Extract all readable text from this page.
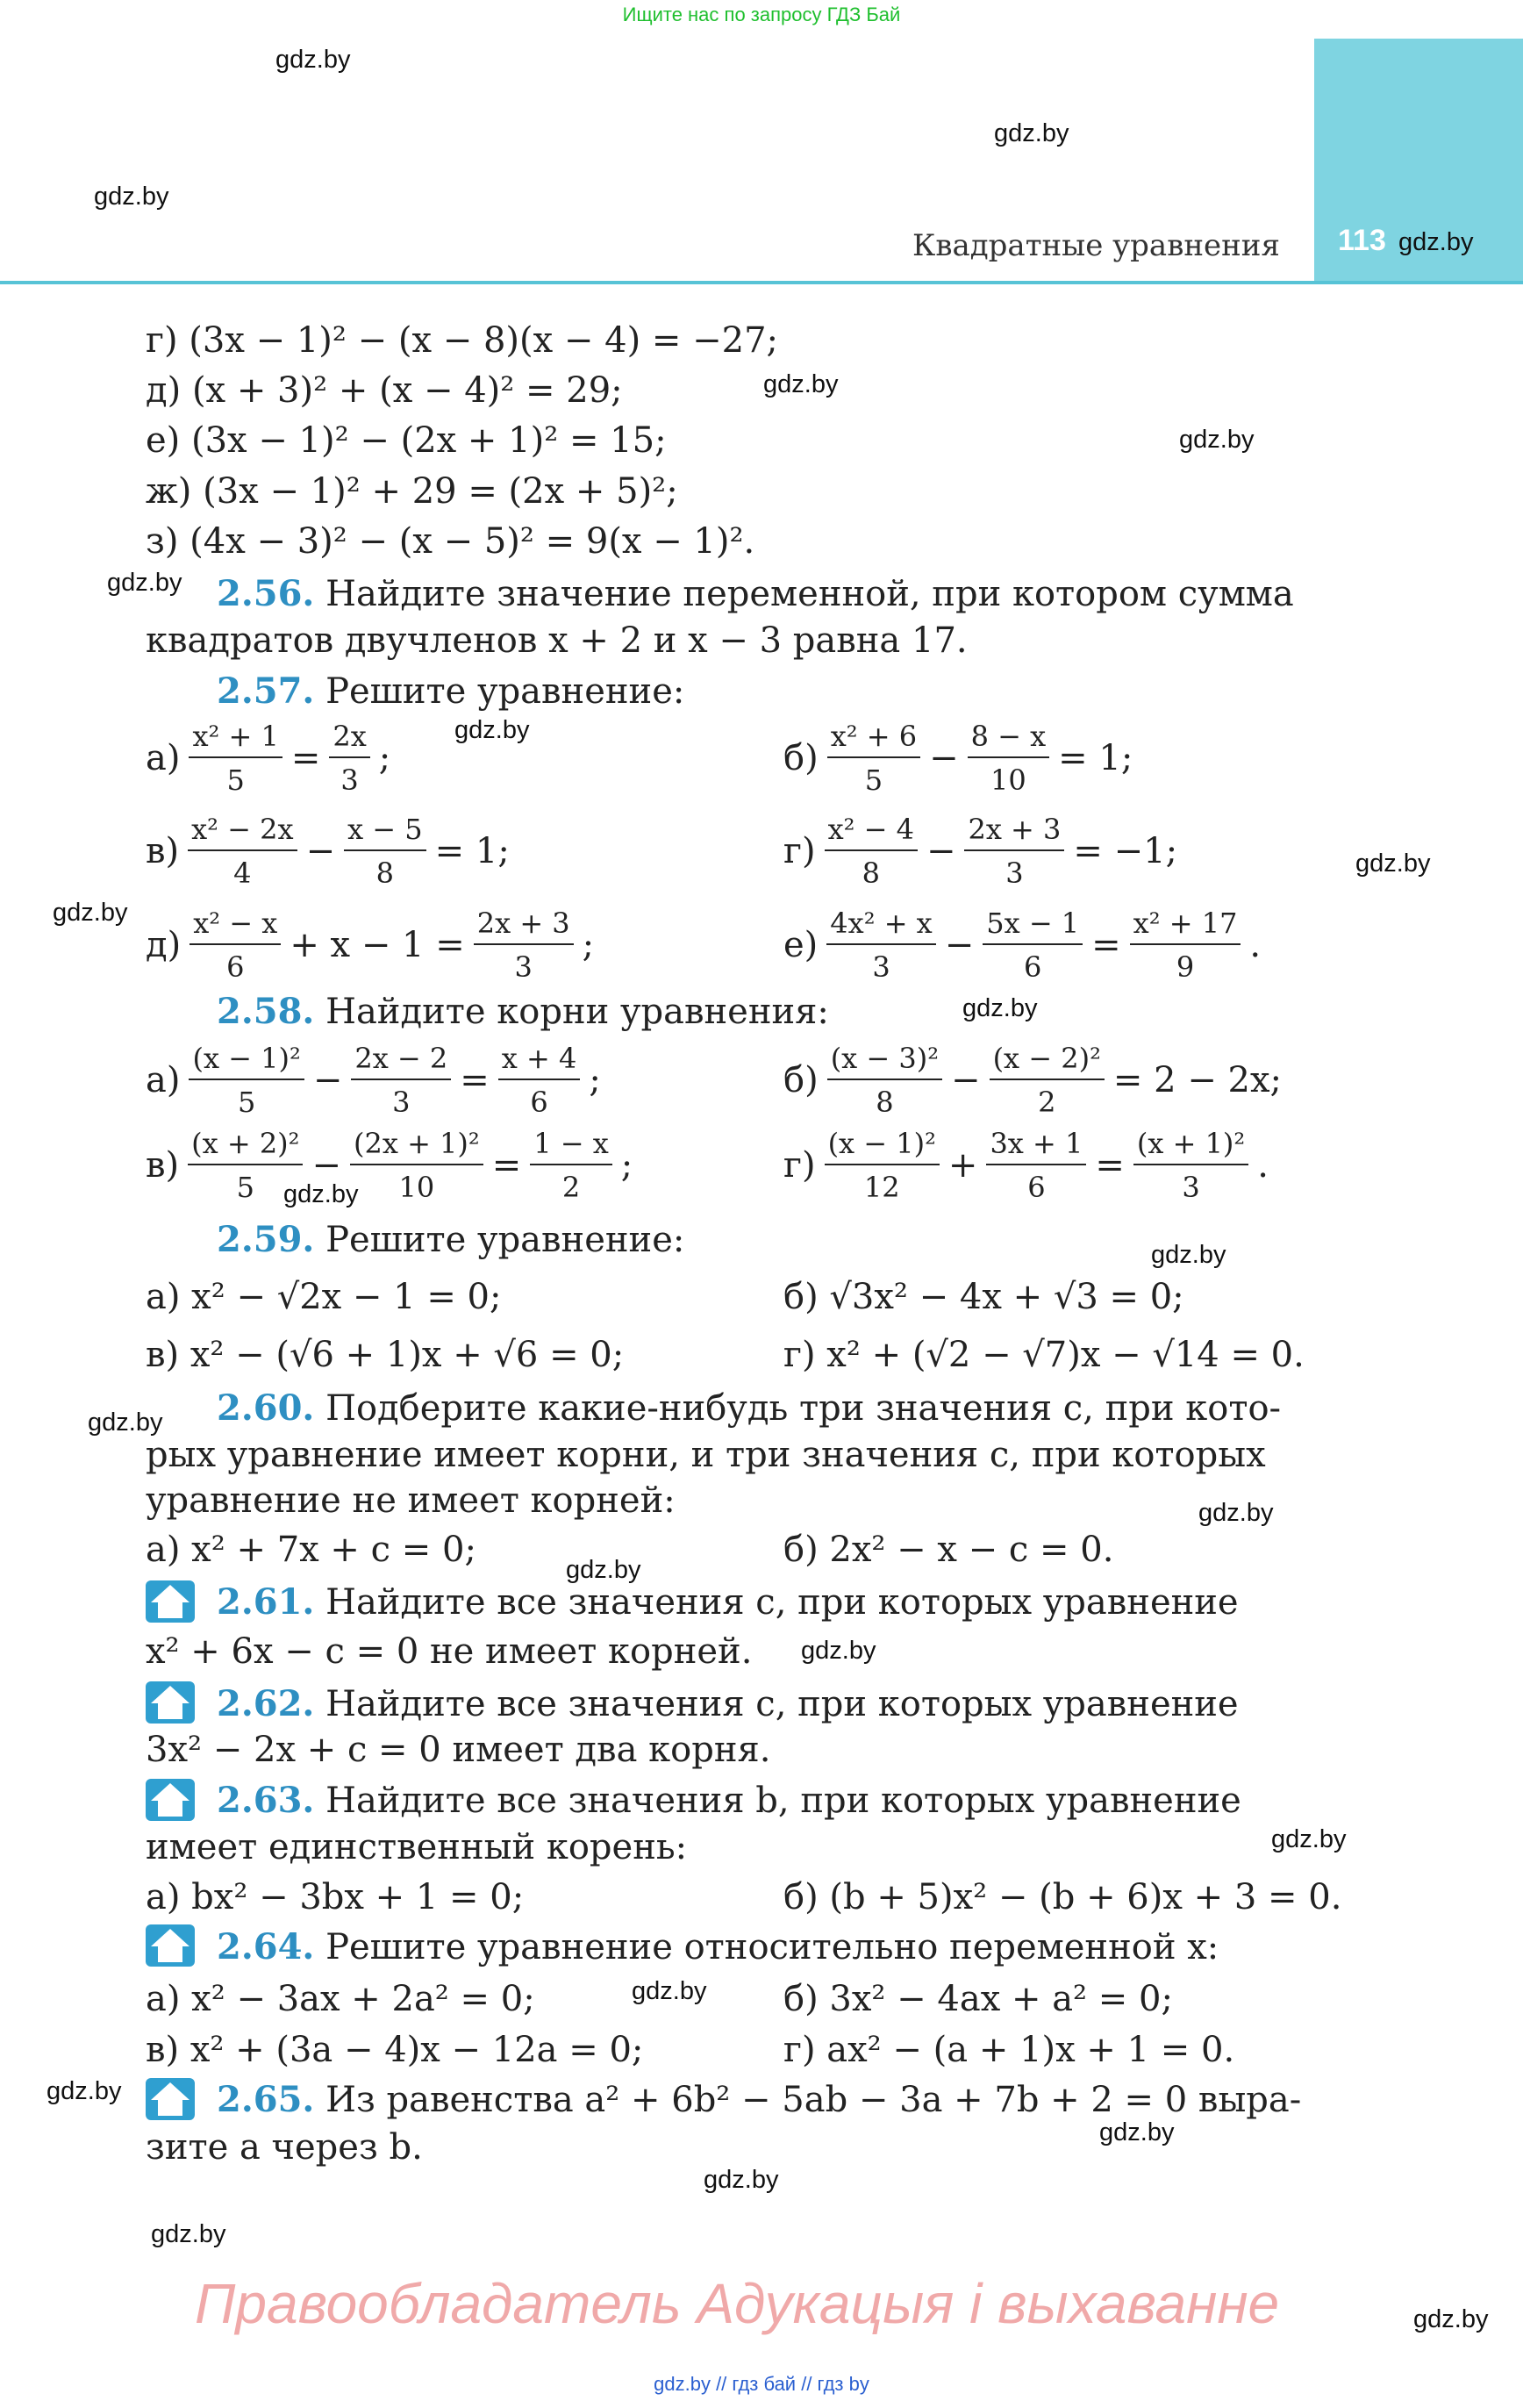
Ищите нас по запросу ГДЗ Бай
113
Квадратные уравнения
gdz.by
gdz.by
gdz.by
gdz.by
gdz.by
gdz.by
gdz.by
gdz.by
gdz.by
gdz.by
gdz.by
gdz.by
gdz.by
gdz.by
gdz.by
gdz.by
gdz.by
gdz.by
gdz.by
gdz.by
gdz.by
gdz.by
gdz.by
gdz.by
г) (3x − 1)² − (x − 8)(x − 4) = −27;
д) (x + 3)² + (x − 4)² = 29;
е) (3x − 1)² − (2x + 1)² = 15;
ж) (3x − 1)² + 29 = (2x + 5)²;
з) (4x − 3)² − (x − 5)² = 9(x − 1)².
2.56. Найдите значение переменной, при котором сумма
квадратов двучленов x + 2 и x − 3 равна 17.
2.57. Решите уравнение:
$а) \frac{\text{x² + 1}}{5} = \frac{2x}{3}$ ;	$б) \frac{\text{x² + 6}}{5} - \frac{8 - x}{10} = 1$;
$в) \frac{\text{x² − 2x}}{4} - \frac{x - 5}{8} = 1$;	$г) \frac{\text{x² − 4}}{8} - \frac{2x + 3}{3} = -1$;
$д) \frac{\text{x² − x}}{6} + x - 1 = \frac{2x + 3}{3}$ ;	$е) \frac{\text{4x² + x}}{3} - \frac{5x - 1}{6} = \frac{\text{x² + 17}}{9}$ .
2.58. Найдите корни уравнения:
$а) \frac{\text{(x − 1)²}}{5} - \frac{2x - 2}{3} = \frac{x + 4}{6}$ ;	$б) \frac{\text{(x − 3)²}}{8} - \frac{\text{(x − 2)²}}{2} = 2 - 2x$;
$в) \frac{\text{(x + 2)²}}{5} - \frac{\text{(2x + 1)²}}{10} = \frac{1 - x}{2}$ ;	$г) \frac{\text{(x − 1)²}}{12} + \frac{3x + 1}{6} = \frac{\text{(x + 1)²}}{3}$ .
2.59. Решите уравнение:
а) x² − √2x − 1 = 0;	б) √3x² − 4x + √3 = 0;
в) x² − (√6 + 1)x + √6 = 0;	г) x² + (√2 − √7)x − √14 = 0.
2.60. Подберите какие-нибудь три значения c, при кото-
рых уравнение имеет корни, и три значения c, при которых
уравнение не имеет корней:
а) x² + 7x + c = 0;	б) 2x² − x − c = 0.
2.61. Найдите все значения c, при которых уравнение
x² + 6x − c = 0 не имеет корней.
2.62. Найдите все значения c, при которых уравнение
3x² − 2x + c = 0 имеет два корня.
2.63. Найдите все значения b, при которых уравнение
имеет единственный корень:
а) bx² − 3bx + 1 = 0;	б) (b + 5)x² − (b + 6)x + 3 = 0.
2.64. Решите уравнение относительно переменной x:
а) x² − 3ax + 2a² = 0;	б) 3x² − 4ax + a² = 0;
в) x² + (3a − 4)x − 12a = 0;	г) ax² − (a + 1)x + 1 = 0.
2.65. Из равенства a² + 6b² − 5ab − 3a + 7b + 2 = 0 выра-
зите a через b.
Правообладатель Адукацыя і выхаванне
gdz.by // гдз бай // гдз by
